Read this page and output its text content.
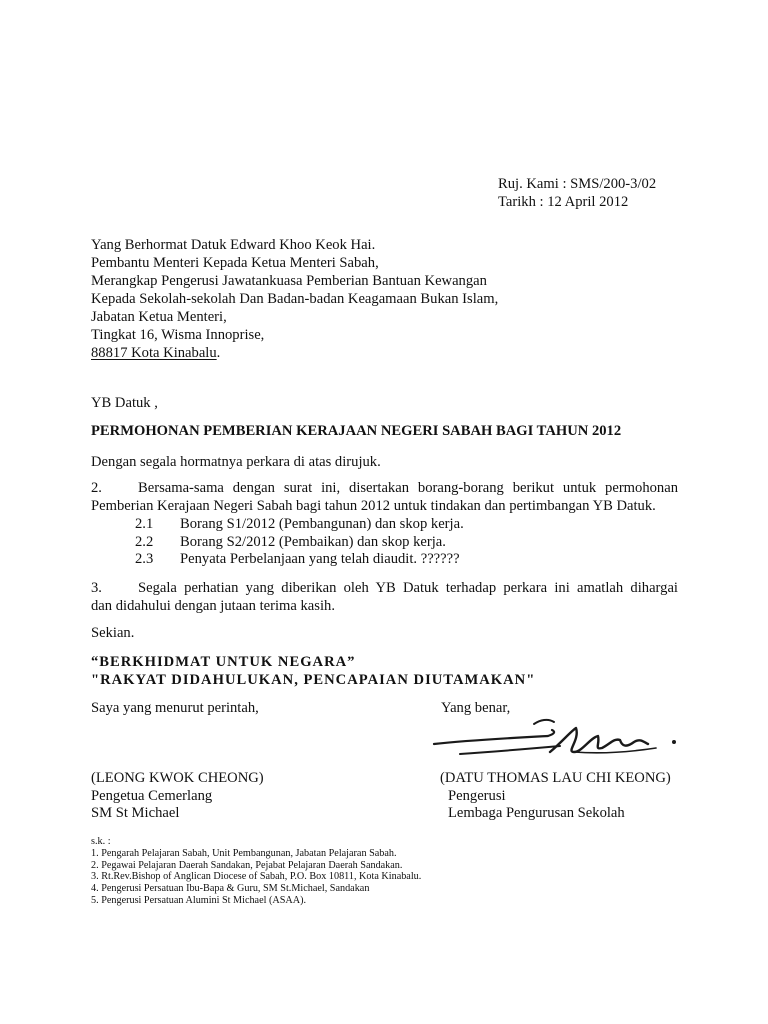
Ruj. Kami : SMS/200-3/02
Tarikh : 12 April 2012
Yang Berhormat Datuk Edward Khoo Keok Hai.
Pembantu Menteri Kepada Ketua Menteri Sabah,
Merangkap Pengerusi Jawatankuasa Pemberian Bantuan Kewangan
Kepada Sekolah-sekolah Dan Badan-badan Keagamaan Bukan Islam,
Jabatan Ketua Menteri,
Tingkat 16, Wisma Innoprise,
88817 Kota Kinabalu.
YB Datuk ,
PERMOHONAN PEMBERIAN KERAJAAN NEGERI SABAH BAGI TAHUN 2012
Dengan segala hormatnya perkara di atas dirujuk.
2. Bersama-sama dengan surat ini, disertakan borang-borang berikut untuk permohonan
Pemberian Kerajaan Negeri Sabah bagi tahun 2012 untuk tindakan dan pertimbangan YB Datuk.
2.1 Borang S1/2012 (Pembangunan) dan skop kerja.
2.2 Borang S2/2012 (Pembaikan) dan skop kerja.
2.3 Penyata Perbelanjaan yang telah diaudit. ??????
3. Segala perhatian yang diberikan oleh YB Datuk terhadap perkara ini amatlah dihargai
dan didahului dengan jutaan terima kasih.
Sekian.
“BERKHIDMAT UNTUK NEGARA”
"RAKYAT DIDAHULUKAN, PENCAPAIAN DIUTAMAKAN"
Saya yang menurut perintah,	Yang benar,
(LEONG KWOK CHEONG)
Pengetua Cemerlang
SM St Michael
(DATU THOMAS LAU CHI KEONG)
Pengerusi
Lembaga Pengurusan Sekolah
s.k. :
1. Pengarah Pelajaran Sabah, Unit Pembangunan, Jabatan Pelajaran Sabah.
2. Pegawai Pelajaran Daerah Sandakan, Pejabat Pelajaran Daerah Sandakan.
3. Rt.Rev.Bishop of Anglican Diocese of Sabah, P.O. Box 10811, Kota Kinabalu.
4. Pengerusi Persatuan Ibu-Bapa & Guru, SM St.Michael, Sandakan
5. Pengerusi Persatuan Alumini St Michael (ASAA).
